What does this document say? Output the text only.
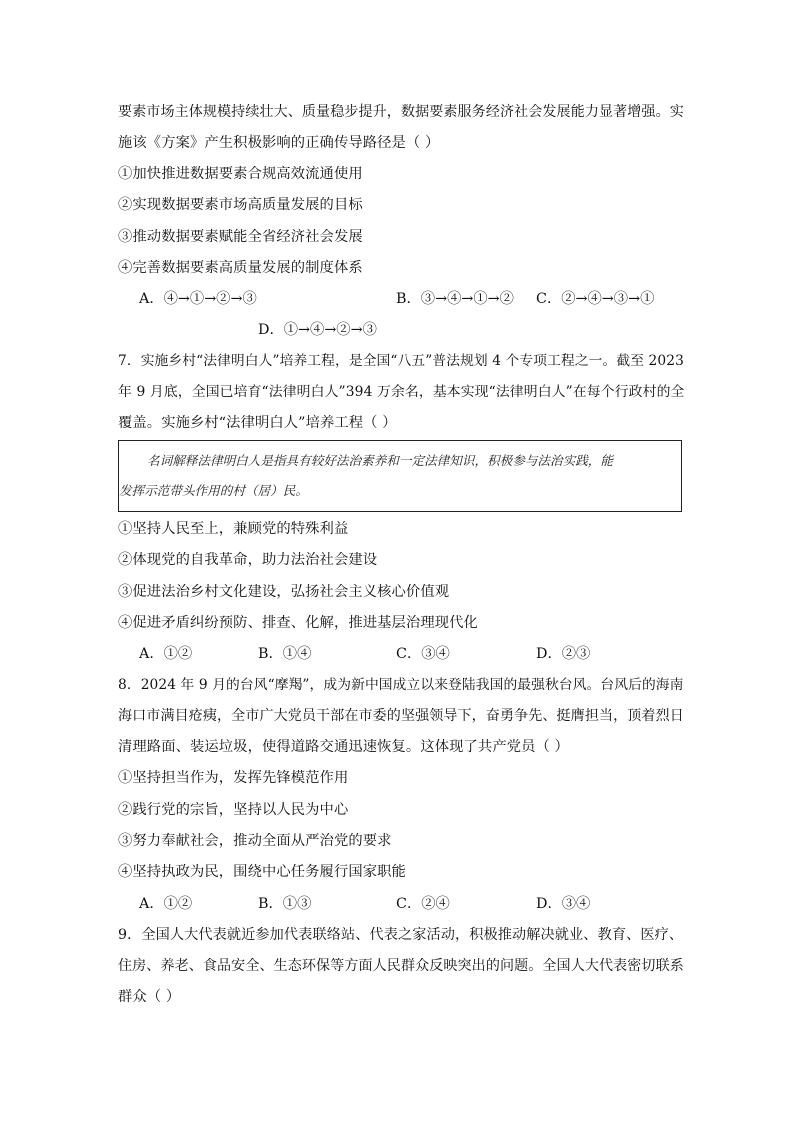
要素市场主体规模持续壮大、质量稳步提升，数据要素服务经济社会发展能力显著增强。实
施该《方案》产生积极影响的正确传导路径是（ ）
①加快推进数据要素合规高效流通使用
②实现数据要素市场高质量发展的目标
③推动数据要素赋能全省经济社会发展
④完善数据要素高质量发展的制度体系
A．④→①→②→③	B．③→④→①→② C．②→④→③→①
D．①→④→②→③
7．实施乡村“法律明白人”培养工程，是全国“八五”普法规划 4 个专项工程之一。截至 2023
年 9 月底，全国已培育“法律明白人”394 万余名，基本实现“法律明白人”在每个行政村的全
覆盖。实施乡村“法律明白人”培养工程（ ）
名词解释法律明白人是指具有较好法治素养和一定法律知识，积极参与法治实践，能
发挥示范带头作用的村（居）民。
①坚持人民至上，兼顾党的特殊利益
②体现党的自我革命，助力法治社会建设
③促进法治乡村文化建设，弘扬社会主义核心价值观
④促进矛盾纠纷预防、排查、化解，推进基层治理现代化
A．①②	B．①④	C．③④	D．②③
8．2024 年 9 月的台风“摩羯”，成为新中国成立以来登陆我国的最强秋台风。台风后的海南
海口市满目疮痍，全市广大党员干部在市委的坚强领导下，奋勇争先、挺膺担当，顶着烈日
清理路面、装运垃圾，使得道路交通迅速恢复。这体现了共产党员（ ）
①坚持担当作为，发挥先锋模范作用
②践行党的宗旨，坚持以人民为中心
③努力奉献社会，推动全面从严治党的要求
④坚持执政为民，围绕中心任务履行国家职能
A．①②	B．①③	C．②④	D．③④
9．全国人大代表就近参加代表联络站、代表之家活动，积极推动解决就业、教育、医疗、
住房、养老、食品安全、生态环保等方面人民群众反映突出的问题。全国人大代表密切联系
群众（ ）
